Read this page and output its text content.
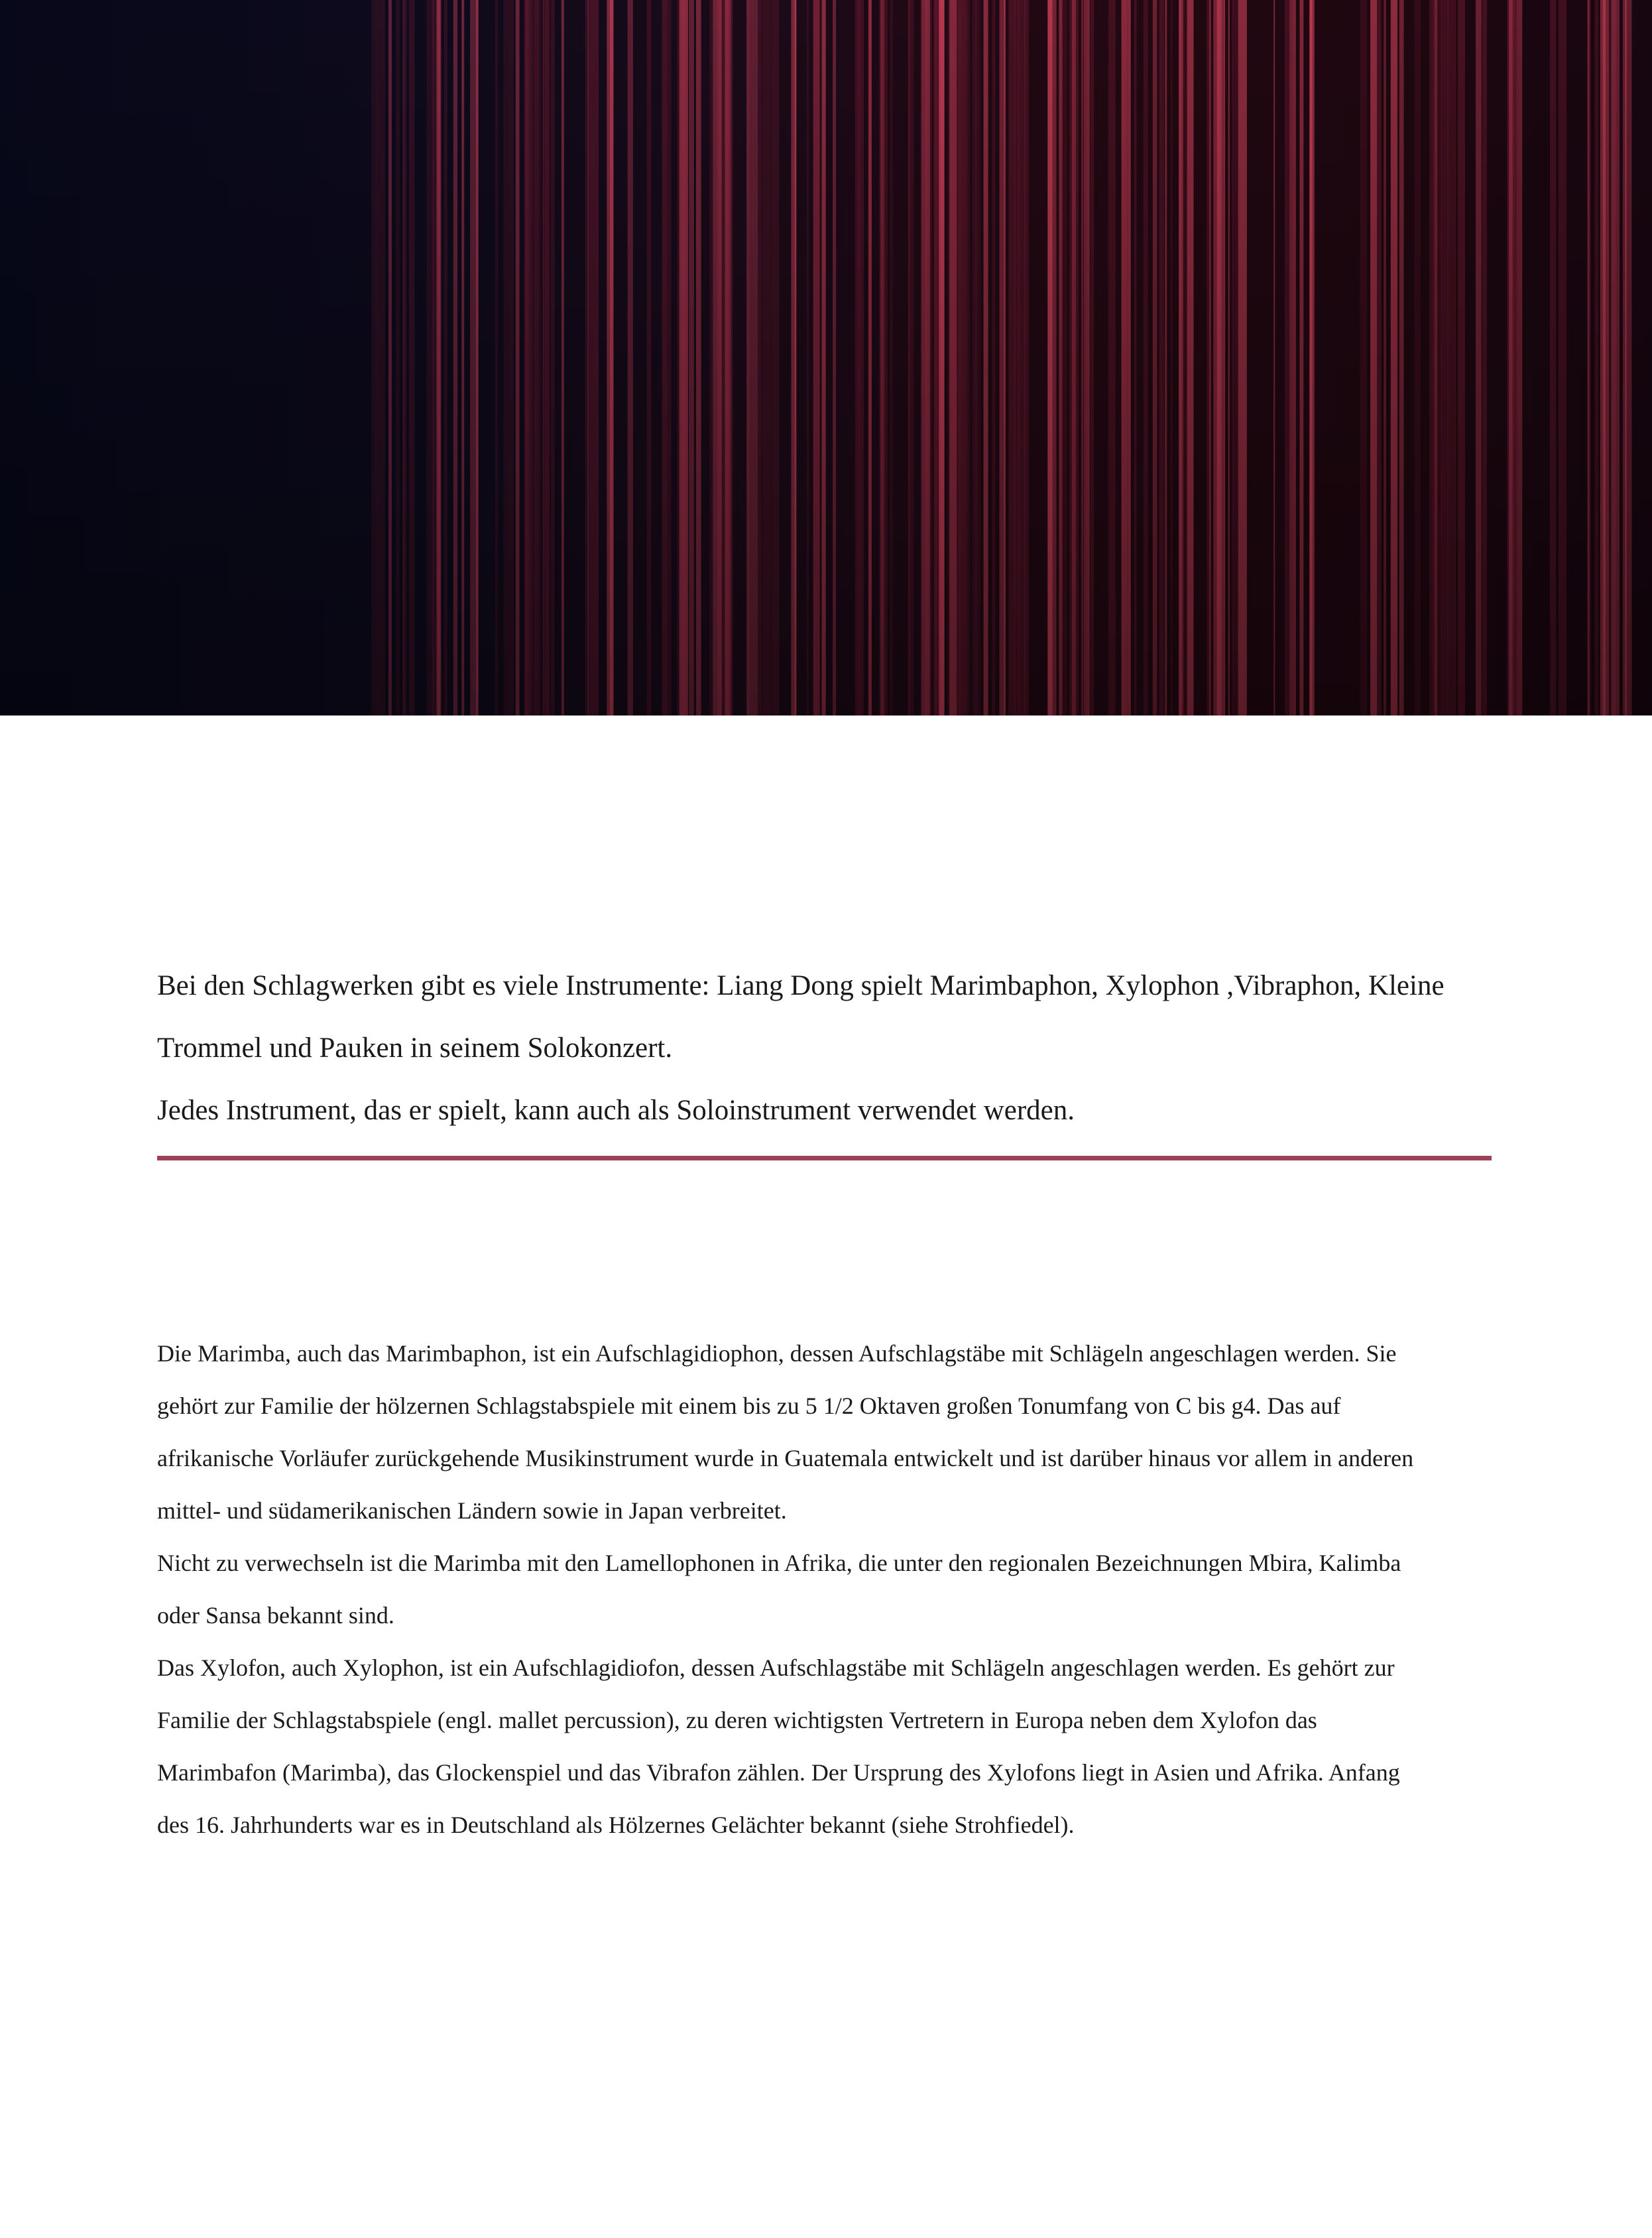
Bei den Schlagwerken gibt es viele Instrumente: Liang Dong spielt Marimbaphon, Xylophon ,Vibraphon, Kleine

Trommel und Pauken in seinem Solokonzert.

Jedes Instrument, das er spielt, kann auch als Soloinstrument verwendet werden.

Die Marimba, auch das Marimbaphon, ist ein Aufschlagidiophon, dessen Aufschlagstäbe mit Schlägeln angeschlagen werden. Sie

gehört zur Familie der hölzernen Schlagstabspiele mit einem bis zu 5 1/2 Oktaven großen Tonumfang von C bis g4. Das auf

afrikanische Vorläufer zurückgehende Musikinstrument wurde in Guatemala entwickelt und ist darüber hinaus vor allem in anderen

mittel- und südamerikanischen Ländern sowie in Japan verbreitet.

Nicht zu verwechseln ist die Marimba mit den Lamellophonen in Afrika, die unter den regionalen Bezeichnungen Mbira, Kalimba

oder Sansa bekannt sind.

Das Xylofon, auch Xylophon, ist ein Aufschlagidiofon, dessen Aufschlagstäbe mit Schlägeln angeschlagen werden. Es gehört zur

Familie der Schlagstabspiele (engl. mallet percussion), zu deren wichtigsten Vertretern in Europa neben dem Xylofon das

Marimbafon (Marimba), das Glockenspiel und das Vibrafon zählen. Der Ursprung des Xylofons liegt in Asien und Afrika. Anfang

des 16. Jahrhunderts war es in Deutschland als Hölzernes Gelächter bekannt (siehe Strohfiedel).
